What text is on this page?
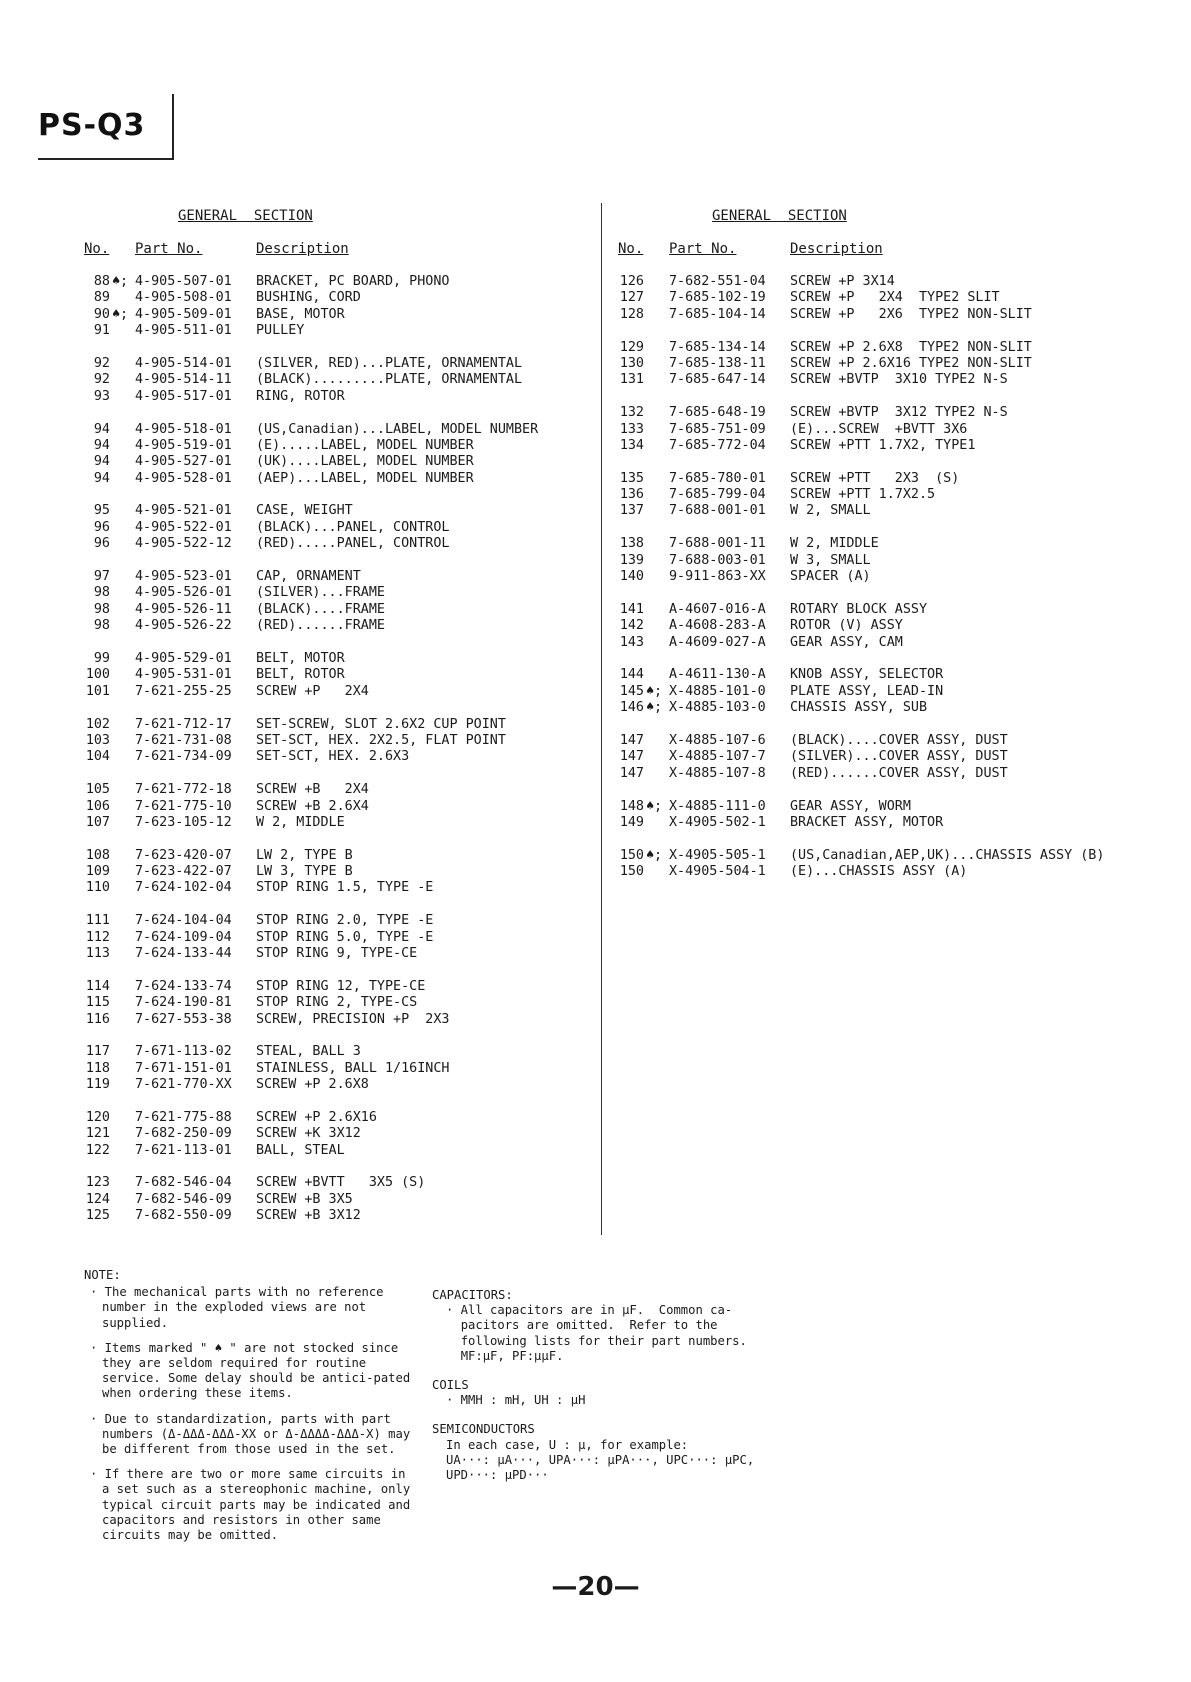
PS-Q3
GENERAL  SECTION
No. Part No.	Description
88 ♠; 4-905-507-01 BRACKET, PC BOARD, PHONO
89 4-905-508-01 BUSHING, CORD
90 ♠; 4-905-509-01 BASE, MOTOR
91 4-905-511-01 PULLEY
92 4-905-514-01 (SILVER, RED)...PLATE, ORNAMENTAL
92 4-905-514-11 (BLACK).........PLATE, ORNAMENTAL
93 4-905-517-01 RING, ROTOR
94 4-905-518-01 (US,Canadian)...LABEL, MODEL NUMBER
94 4-905-519-01 (E).....LABEL, MODEL NUMBER
94 4-905-527-01 (UK)....LABEL, MODEL NUMBER
94 4-905-528-01 (AEP)...LABEL, MODEL NUMBER
95 4-905-521-01 CASE, WEIGHT
96 4-905-522-01 (BLACK)...PANEL, CONTROL
96 4-905-522-12 (RED).....PANEL, CONTROL
97 4-905-523-01 CAP, ORNAMENT
98 4-905-526-01 (SILVER)...FRAME
98 4-905-526-11 (BLACK)....FRAME
98 4-905-526-22 (RED)......FRAME
99 4-905-529-01 BELT, MOTOR
100 4-905-531-01 BELT, ROTOR
101 7-621-255-25 SCREW +P   2X4
102 7-621-712-17 SET-SCREW, SLOT 2.6X2 CUP POINT
103 7-621-731-08 SET-SCT, HEX. 2X2.5, FLAT POINT
104 7-621-734-09 SET-SCT, HEX. 2.6X3
105 7-621-772-18 SCREW +B   2X4
106 7-621-775-10 SCREW +B 2.6X4
107 7-623-105-12 W 2, MIDDLE
108 7-623-420-07 LW 2, TYPE B
109 7-623-422-07 LW 3, TYPE B
110 7-624-102-04 STOP RING 1.5, TYPE -E
111 7-624-104-04 STOP RING 2.0, TYPE -E
112 7-624-109-04 STOP RING 5.0, TYPE -E
113 7-624-133-44 STOP RING 9, TYPE-CE
114 7-624-133-74 STOP RING 12, TYPE-CE
115 7-624-190-81 STOP RING 2, TYPE-CS
116 7-627-553-38 SCREW, PRECISION +P  2X3
117 7-671-113-02 STEAL, BALL 3
118 7-671-151-01 STAINLESS, BALL 1/16INCH
119 7-621-770-XX SCREW +P 2.6X8
120 7-621-775-88 SCREW +P 2.6X16
121 7-682-250-09 SCREW +K 3X12
122 7-621-113-01 BALL, STEAL
123 7-682-546-04 SCREW +BVTT   3X5 (S)
124 7-682-546-09 SCREW +B 3X5
125 7-682-550-09 SCREW +B 3X12
GENERAL  SECTION
No. Part No.	Description
126 7-682-551-04 SCREW +P 3X14
127 7-685-102-19 SCREW +P   2X4  TYPE2 SLIT
128 7-685-104-14 SCREW +P   2X6  TYPE2 NON-SLIT
129 7-685-134-14 SCREW +P 2.6X8  TYPE2 NON-SLIT
130 7-685-138-11 SCREW +P 2.6X16 TYPE2 NON-SLIT
131 7-685-647-14 SCREW +BVTP  3X10 TYPE2 N-S
132 7-685-648-19 SCREW +BVTP  3X12 TYPE2 N-S
133 7-685-751-09 (E)...SCREW  +BVTT 3X6
134 7-685-772-04 SCREW +PTT 1.7X2, TYPE1
135 7-685-780-01 SCREW +PTT   2X3  (S)
136 7-685-799-04 SCREW +PTT 1.7X2.5
137 7-688-001-01 W 2, SMALL
138 7-688-001-11 W 2, MIDDLE
139 7-688-003-01 W 3, SMALL
140 9-911-863-XX SPACER (A)
141 A-4607-016-A ROTARY BLOCK ASSY
142 A-4608-283-A ROTOR (V) ASSY
143 A-4609-027-A GEAR ASSY, CAM
144 A-4611-130-A KNOB ASSY, SELECTOR
145 ♠; X-4885-101-0 PLATE ASSY, LEAD-IN
146 ♠; X-4885-103-0 CHASSIS ASSY, SUB
147 X-4885-107-6 (BLACK)....COVER ASSY, DUST
147 X-4885-107-7 (SILVER)...COVER ASSY, DUST
147 X-4885-107-8 (RED)......COVER ASSY, DUST
148 ♠; X-4885-111-0 GEAR ASSY, WORM
149 X-4905-502-1 BRACKET ASSY, MOTOR
150 ♠; X-4905-505-1 (US,Canadian,AEP,UK)...CHASSIS ASSY (B)
150 X-4905-504-1 (E)...CHASSIS ASSY (A)
NOTE:
· The mechanical parts with no reference number in the exploded views are not supplied.
· Items marked " ♠ " are not stocked since they are seldom required for routine service. Some delay should be antici-pated when ordering these items.
· Due to standardization, parts with part numbers (Δ-ΔΔΔ-ΔΔΔ-XX or Δ-ΔΔΔΔ-ΔΔΔ-X) may be different from those used in the set.
· If there are two or more same circuits in a set such as a stereophonic machine, only typical circuit parts may be indicated and capacitors and resistors in other same circuits may be omitted.
CAPACITORS:
· All capacitors are in μF.  Common ca-
pacitors are omitted.  Refer to the
following lists for their part numbers.
MF:μF, PF:μμF.
COILS
· MMH : mH, UH : μH
SEMICONDUCTORS
In each case, U : μ, for example:
UA···: μA···, UPA···: μPA···, UPC···: μPC,
UPD···: μPD···
—20—
